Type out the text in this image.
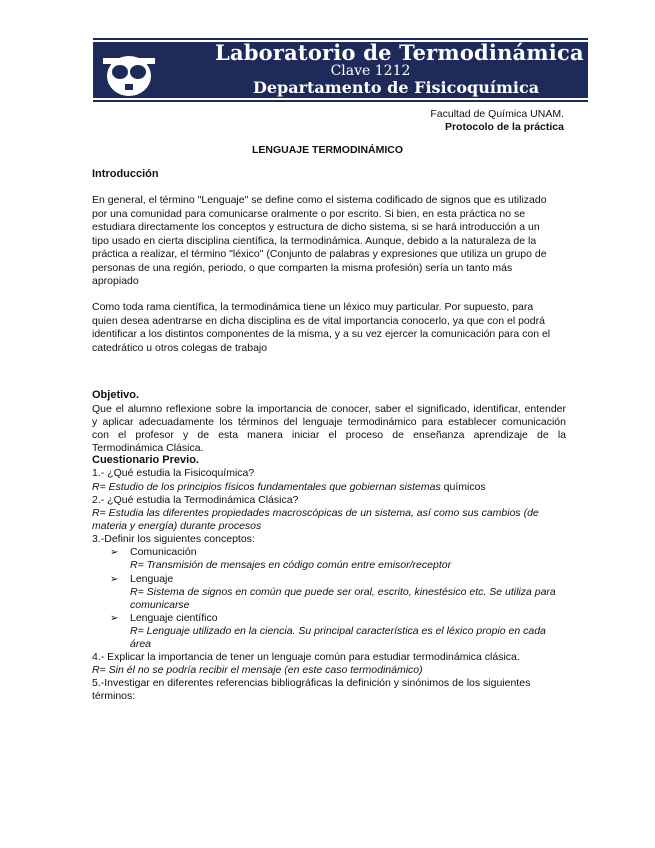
Laboratorio de Termodinámica
Clave 1212
Departamento de Fisicoquímica
Facultad de Química UNAM.
Protocolo de la práctica
LENGUAJE TERMODINÁMICO
Introducción
En general, el término "Lenguaje" se define como el sistema codificado de signos que es utilizado
por una comunidad para comunicarse oralmente o por escrito. Si bien, en esta práctica no se
estudiara directamente los conceptos y estructura de dicho sistema, si se hará introducción a un
tipo usado en cierta disciplina científica, la termodinámica. Aunque, debido a la naturaleza de la
práctica a realizar, el término "léxico" (Conjunto de palabras y expresiones que utiliza un grupo de
personas de una región, periodo, o que comparten la misma profesión) sería un tanto más
apropiado
Como toda rama científica, la termodinámica tiene un léxico muy particular. Por supuesto, para
quien desea adentrarse en dicha disciplina es de vital importancia conocerlo, ya que con el podrá
identificar a los distintos componentes de la misma, y a su vez ejercer la comunicación para con el
catedrático u otros colegas de trabajo
Objetivo.
Que el alumno reflexione sobre la importancia de conocer, saber el significado, identificar, entender
y aplicar adecuadamente los términos del lenguaje termodinámico para establecer comunicación
con el profesor y de esta manera iniciar el proceso de enseñanza aprendizaje de la
Termodinámica Clásica.
Cuestionario Previo.
1.- ¿Qué estudia la Fisicoquímica?
R= Estudio de los principios físicos fundamentales que gobiernan sistemas químicos
2.- ¿Qué estudia la Termodinámica Clásica?
R= Estudia las diferentes propiedades macroscópicas de un sistema, así como sus cambios (de
materia y energía) durante procesos
3.-Definir los siguientes conceptos:
➢ Comunicación
R= Transmisión de mensajes en código común entre emisor/receptor
➢ Lenguaje
R= Sistema de signos en común que puede ser oral, escrito, kinestésico etc. Se utiliza para
comunicarse
➢ Lenguaje científico
R= Lenguaje utilizado en la ciencia. Su principal característica es el léxico propio en cada
área
4.- Explicar la importancia de tener un lenguaje común para estudiar termodinámica clásica.
R= Sin él no se podría recibir el mensaje (en este caso termodinámico)
5.-Investigar en diferentes referencias bibliográficas la definición y sinónimos de los siguientes
términos:
